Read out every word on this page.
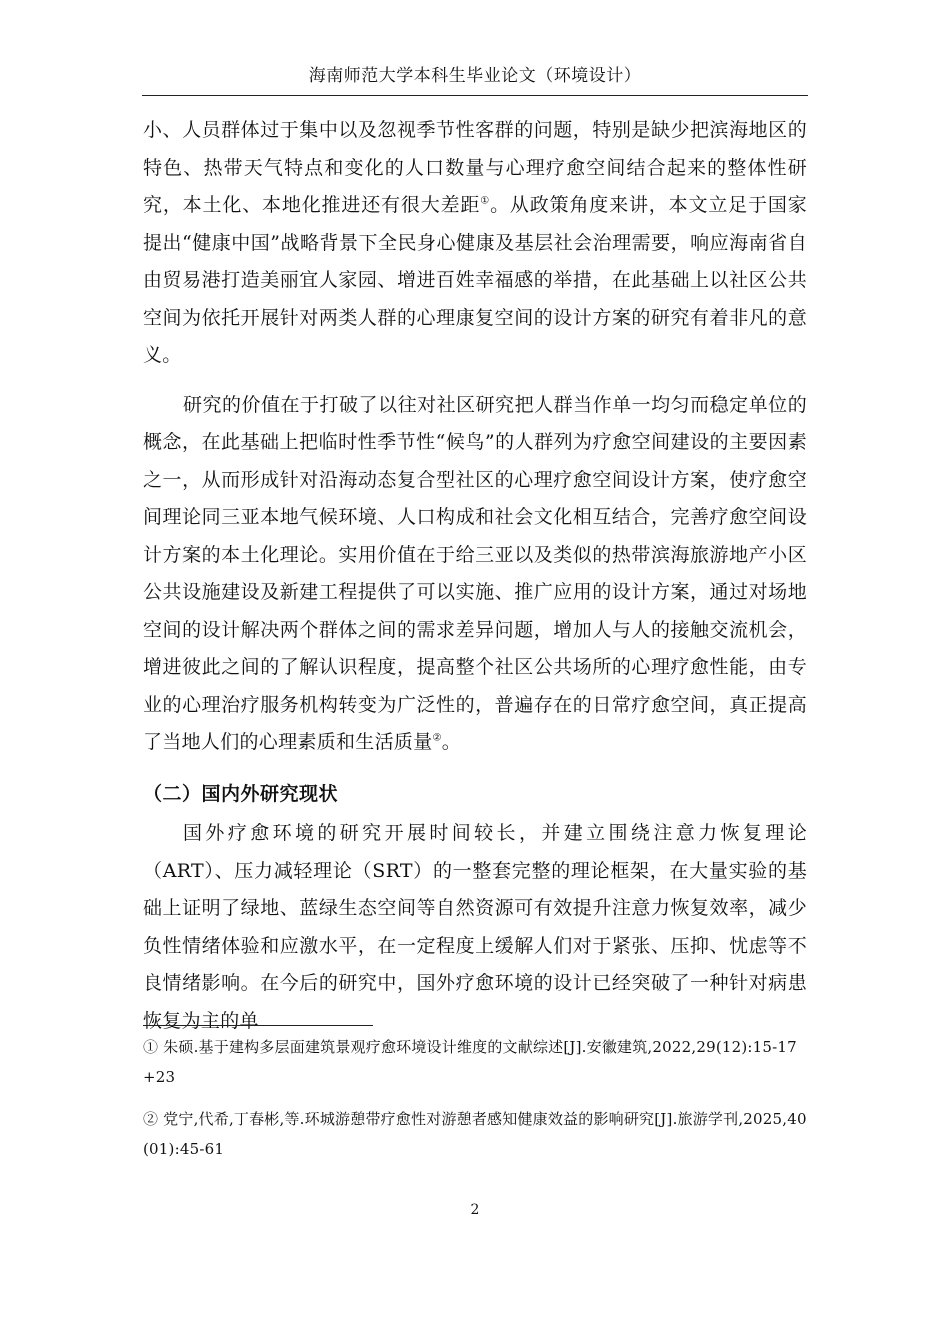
海南师范大学本科生毕业论文（环境设计）

小、人员群体过于集中以及忽视季节性客群的问题，特别是缺少把滨海地区的特色、热带天气特点和变化的人口数量与心理疗愈空间结合起来的整体性研究，本土化、本地化推进还有很大差距①。从政策角度来讲，本文立足于国家提出“健康中国”战略背景下全民身心健康及基层社会治理需要，响应海南省自由贸易港打造美丽宜人家园、增进百姓幸福感的举措，在此基础上以社区公共空间为依托开展针对两类人群的心理康复空间的设计方案的研究有着非凡的意义。

研究的价值在于打破了以往对社区研究把人群当作单一均匀而稳定单位的概念，在此基础上把临时性季节性“候鸟”的人群列为疗愈空间建设的主要因素之一，从而形成针对沿海动态复合型社区的心理疗愈空间设计方案，使疗愈空间理论同三亚本地气候环境、人口构成和社会文化相互结合，完善疗愈空间设计方案的本土化理论。实用价值在于给三亚以及类似的热带滨海旅游地产小区公共设施建设及新建工程提供了可以实施、推广应用的设计方案，通过对场地空间的设计解决两个群体之间的需求差异问题，增加人与人的接触交流机会，增进彼此之间的了解认识程度，提高整个社区公共场所的心理疗愈性能，由专业的心理治疗服务机构转变为广泛性的，普遍存在的日常疗愈空间，真正提高了当地人们的心理素质和生活质量②。

（二）国内外研究现状

国外疗愈环境的研究开展时间较长，并建立围绕注意力恢复理论（ART）、压力减轻理论（SRT）的一整套完整的理论框架，在大量实验的基础上证明了绿地、蓝绿生态空间等自然资源可有效提升注意力恢复效率，减少负性情绪体验和应激水平，在一定程度上缓解人们对于紧张、压抑、忧虑等不良情绪影响。在今后的研究中，国外疗愈环境的设计已经突破了一种针对病患恢复为主的单

① 朱硕.基于建构多层面建筑景观疗愈环境设计维度的文献综述[J].安徽建筑,2022,29(12):15-17+23

② 党宁,代希,丁春彬,等.环城游憩带疗愈性对游憩者感知健康效益的影响研究[J].旅游学刊,2025,40(01):45-61

2
